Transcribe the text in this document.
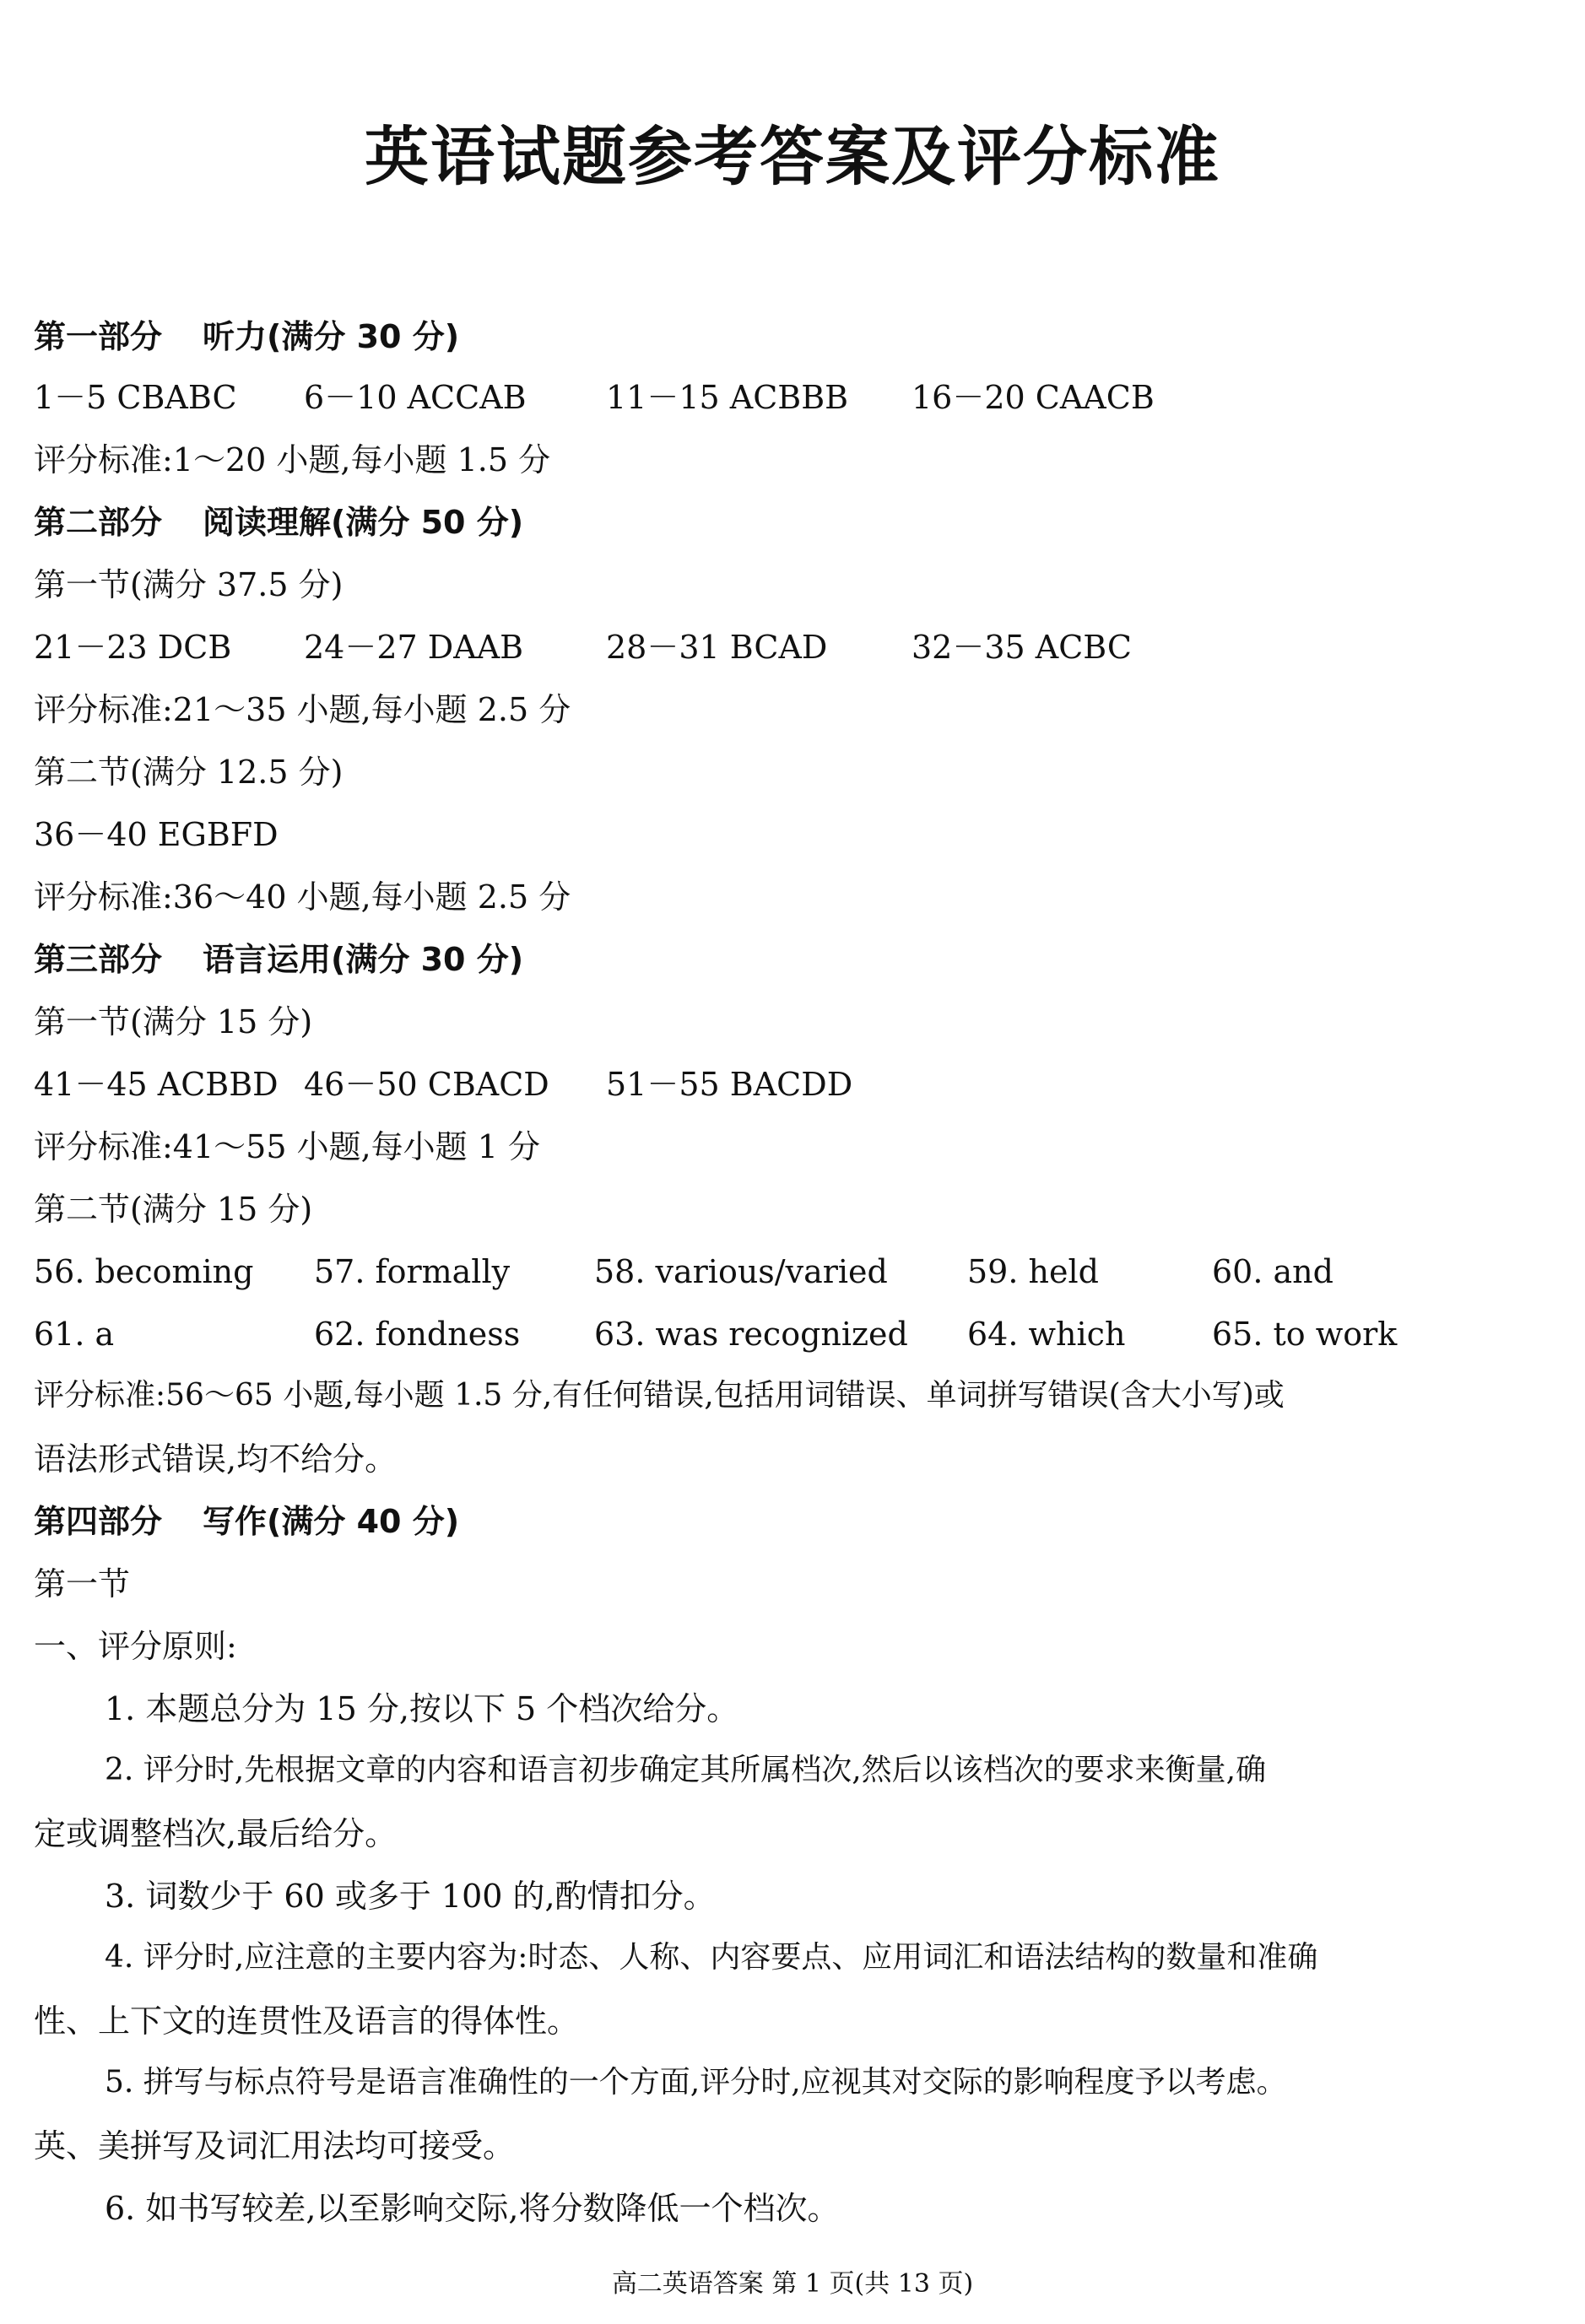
英语试题参考答案及评分标准
第一部分 听力(满分 30 分)
1－5 CBABC 6－10 ACCAB 11－15 ACBBB 16－20 CAACB
评分标准:1～20 小题,每小题 1.5 分
第二部分 阅读理解(满分 50 分)
第一节(满分 37.5 分)
21－23 DCB 24－27 DAAB	28－31 BCAD	32－35 ACBC
评分标准:21～35 小题,每小题 2.5 分
第二节(满分 12.5 分)
36－40 EGBFD
评分标准:36～40 小题,每小题 2.5 分
第三部分 语言运用(满分 30 分)
第一节(满分 15 分)
41－45 ACBBD 46－50 CBACD 51－55 BACDD
评分标准:41～55 小题,每小题 1 分
第二节(满分 15 分)
56. becoming 57. formally	58. various/varied 59. held	60. and
61. a	62. fondness 63. was recognized 64. which	65. to work
评分标准:56～65 小题,每小题 1.5 分,有任何错误,包括用词错误、单词拼写错误(含大小写)或
语法形式错误,均不给分。
第四部分 写作(满分 40 分)
第一节
一、评分原则:
1. 本题总分为 15 分,按以下 5 个档次给分。
2. 评分时,先根据文章的内容和语言初步确定其所属档次,然后以该档次的要求来衡量,确
定或调整档次,最后给分。
3. 词数少于 60 或多于 100 的,酌情扣分。
4. 评分时,应注意的主要内容为:时态、人称、内容要点、应用词汇和语法结构的数量和准确
性、上下文的连贯性及语言的得体性。
5. 拼写与标点符号是语言准确性的一个方面,评分时,应视其对交际的影响程度予以考虑。
英、美拼写及词汇用法均可接受。
6. 如书写较差,以至影响交际,将分数降低一个档次。
高二英语答案 第 1 页(共 13 页)
